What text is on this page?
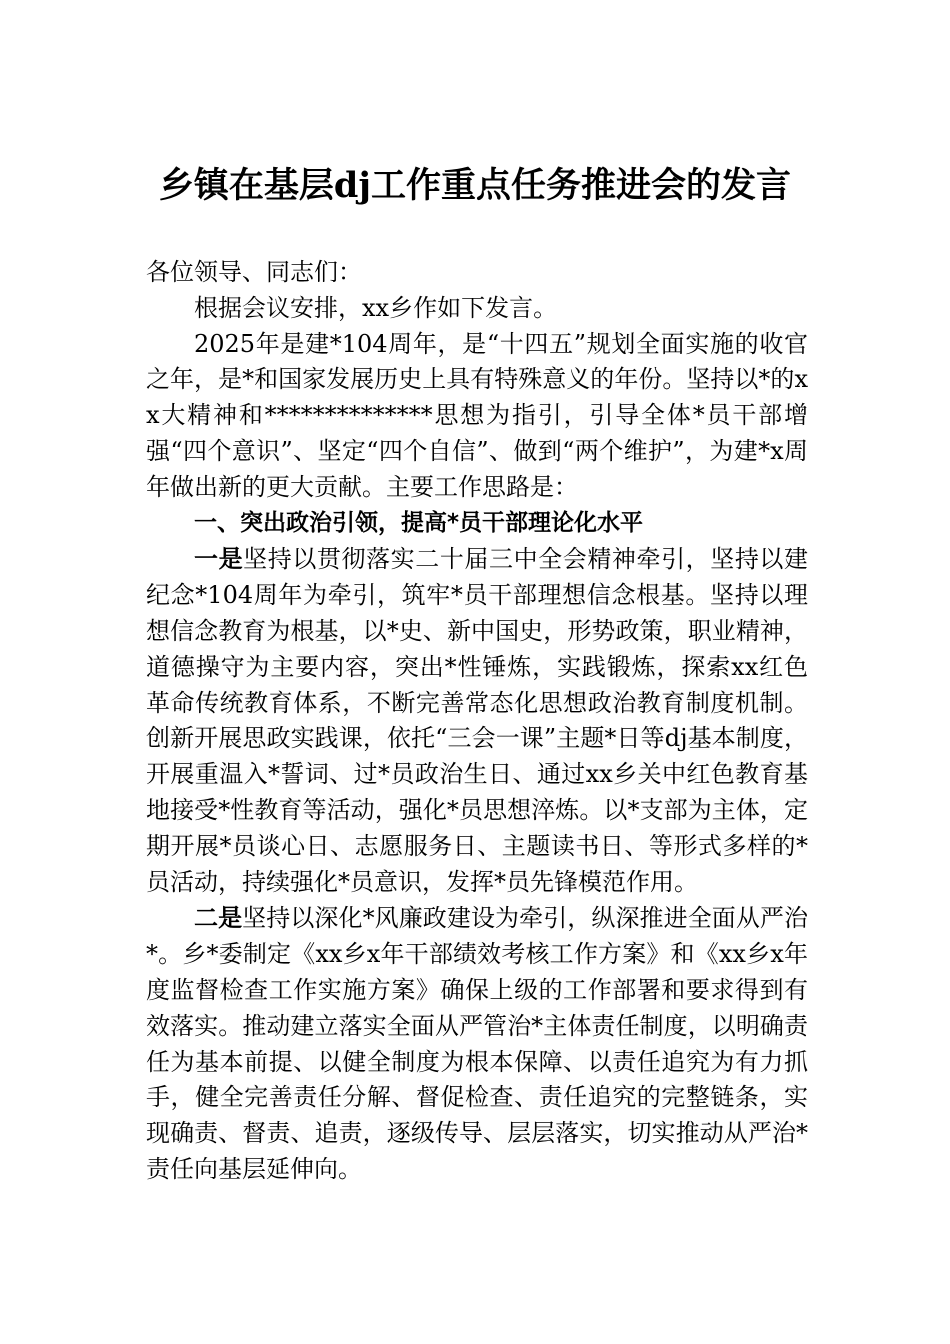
乡镇在基层dj工作重点任务推进会的发言

各位领导、同志们：

根据会议安排，xx乡作如下发言。

2025年是建*104周年，是“十四五”规划全面实施的收官之年，是*和国家发展历史上具有特殊意义的年份。坚持以*的xx大精神和**************思想为指引，引导全体*员干部增强“四个意识”、坚定“四个自信”、做到“两个维护”，为建*x周年做出新的更大贡献。主要工作思路是：

一、突出政治引领，提高*员干部理论化水平

一是坚持以贯彻落实二十届三中全会精神牵引，坚持以建纪念*104周年为牵引，筑牢*员干部理想信念根基。坚持以理想信念教育为根基，以*史、新中国史，形势政策，职业精神，道德操守为主要内容，突出*性锤炼，实践锻炼，探索xx红色革命传统教育体系，不断完善常态化思想政治教育制度机制。创新开展思政实践课，依托“三会一课”主题*日等dj基本制度，开展重温入*誓词、过*员政治生日、通过xx乡关中红色教育基地接受*性教育等活动，强化*员思想淬炼。以*支部为主体，定期开展*员谈心日、志愿服务日、主题读书日、等形式多样的*员活动，持续强化*员意识，发挥*员先锋模范作用。

二是坚持以深化*风廉政建设为牵引，纵深推进全面从严治*。乡*委制定《xx乡x年干部绩效考核工作方案》和《xx乡x年度监督检查工作实施方案》确保上级的工作部署和要求得到有效落实。推动建立落实全面从严管治*主体责任制度，以明确责任为基本前提、以健全制度为根本保障、以责任追究为有力抓手，健全完善责任分解、督促检查、责任追究的完整链条，实现确责、督责、追责，逐级传导、层层落实，切实推动从严治*责任向基层延伸向。
